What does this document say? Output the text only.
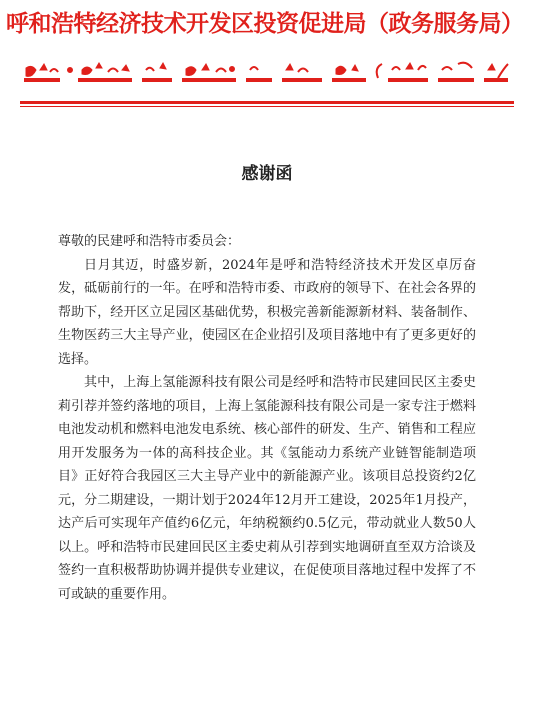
呼和浩特经济技术开发区投资促进局（政务服务局）
感谢函

尊敬的民建呼和浩特市委员会：

日月其迈，时盛岁新，2024年是呼和浩特经济技术开发区卓厉奋发，砥砺前行的一年。在呼和浩特市委、市政府的领导下、在社会各界的帮助下，经开区立足园区基础优势，积极完善新能源新材料、装备制作、生物医药三大主导产业，使园区在企业招引及项目落地中有了更多更好的选择。

其中，上海上氢能源科技有限公司是经呼和浩特市民建回民区主委史莉引荐并签约落地的项目，上海上氢能源科技有限公司是一家专注于燃料电池发动机和燃料电池发电系统、核心部件的研发、生产、销售和工程应用开发服务为一体的高科技企业。其《氢能动力系统产业链智能制造项目》正好符合我园区三大主导产业中的新能源产业。该项目总投资约2亿元，分二期建设，一期计划于2024年12月开工建设，2025年1月投产，达产后可实现年产值约6亿元，年纳税额约0.5亿元，带动就业人数50人以上。呼和浩特市民建回民区主委史莉从引荐到实地调研直至双方洽谈及签约一直积极帮助协调并提供专业建议，在促使项目落地过程中发挥了不可或缺的重要作用。
